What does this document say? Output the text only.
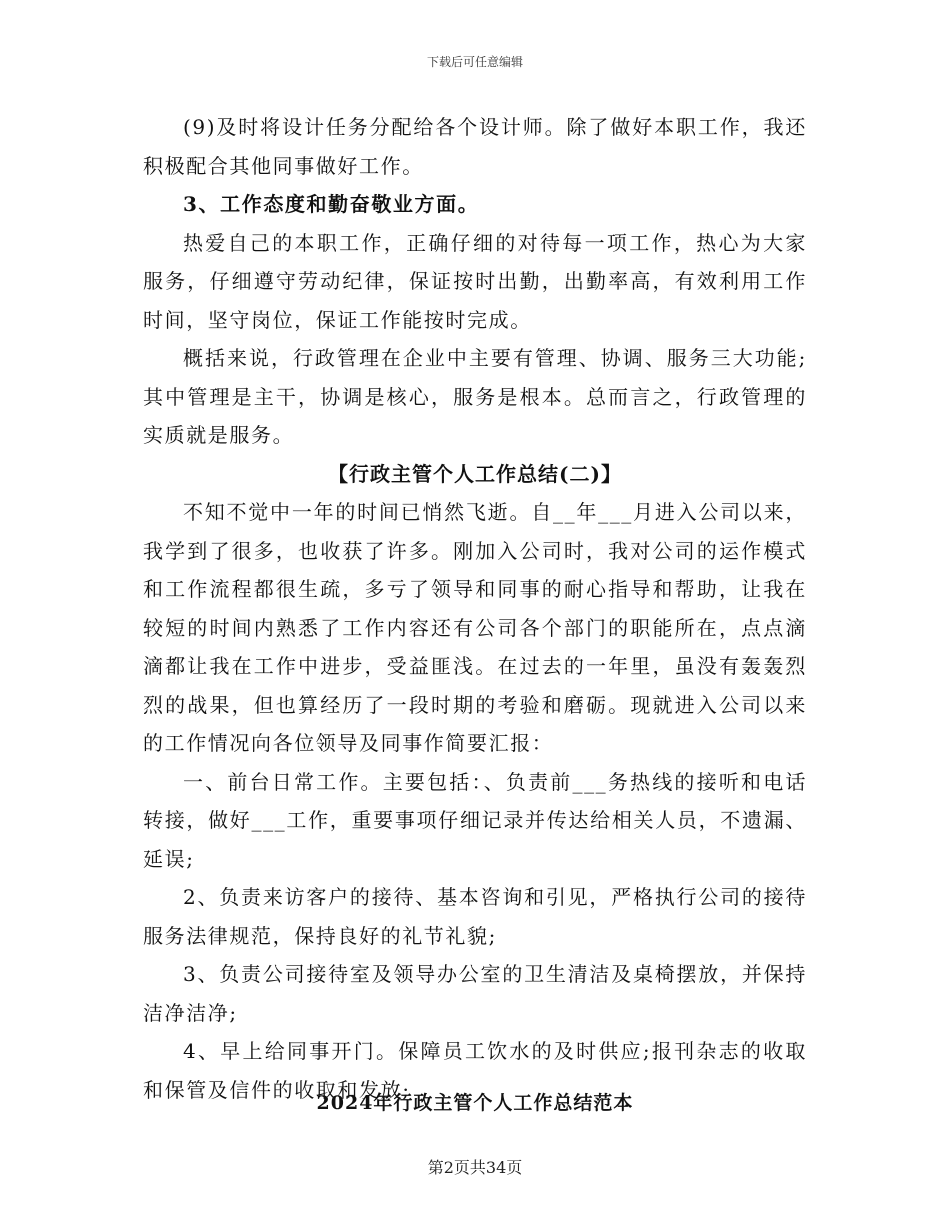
下载后可任意编辑

(9)及时将设计任务分配给各个设计师。除了做好本职工作，我还积极配合其他同事做好工作。

3、工作态度和勤奋敬业方面。

热爱自己的本职工作，正确仔细的对待每一项工作，热心为大家服务，仔细遵守劳动纪律，保证按时出勤，出勤率高，有效利用工作时间，坚守岗位，保证工作能按时完成。

概括来说，行政管理在企业中主要有管理、协调、服务三大功能;其中管理是主干，协调是核心，服务是根本。总而言之，行政管理的实质就是服务。

【行政主管个人工作总结(二)】

不知不觉中一年的时间已悄然飞逝。自__年___月进入公司以来，我学到了很多，也收获了许多。刚加入公司时，我对公司的运作模式和工作流程都很生疏，多亏了领导和同事的耐心指导和帮助，让我在较短的时间内熟悉了工作内容还有公司各个部门的职能所在，点点滴滴都让我在工作中进步，受益匪浅。在过去的一年里，虽没有轰轰烈烈的战果，但也算经历了一段时期的考验和磨砺。现就进入公司以来的工作情况向各位领导及同事作简要汇报：

一、前台日常工作。主要包括：、负责前___务热线的接听和电话转接，做好___工作，重要事项仔细记录并传达给相关人员，不遗漏、延误;

2、负责来访客户的接待、基本咨询和引见，严格执行公司的接待服务法律规范，保持良好的礼节礼貌;

3、负责公司接待室及领导办公室的卫生清洁及桌椅摆放，并保持洁净洁净;

4、早上给同事开门。保障员工饮水的及时供应;报刊杂志的收取和保管及信件的收取和发放;

2024年行政主管个人工作总结范本
第2页共34页
